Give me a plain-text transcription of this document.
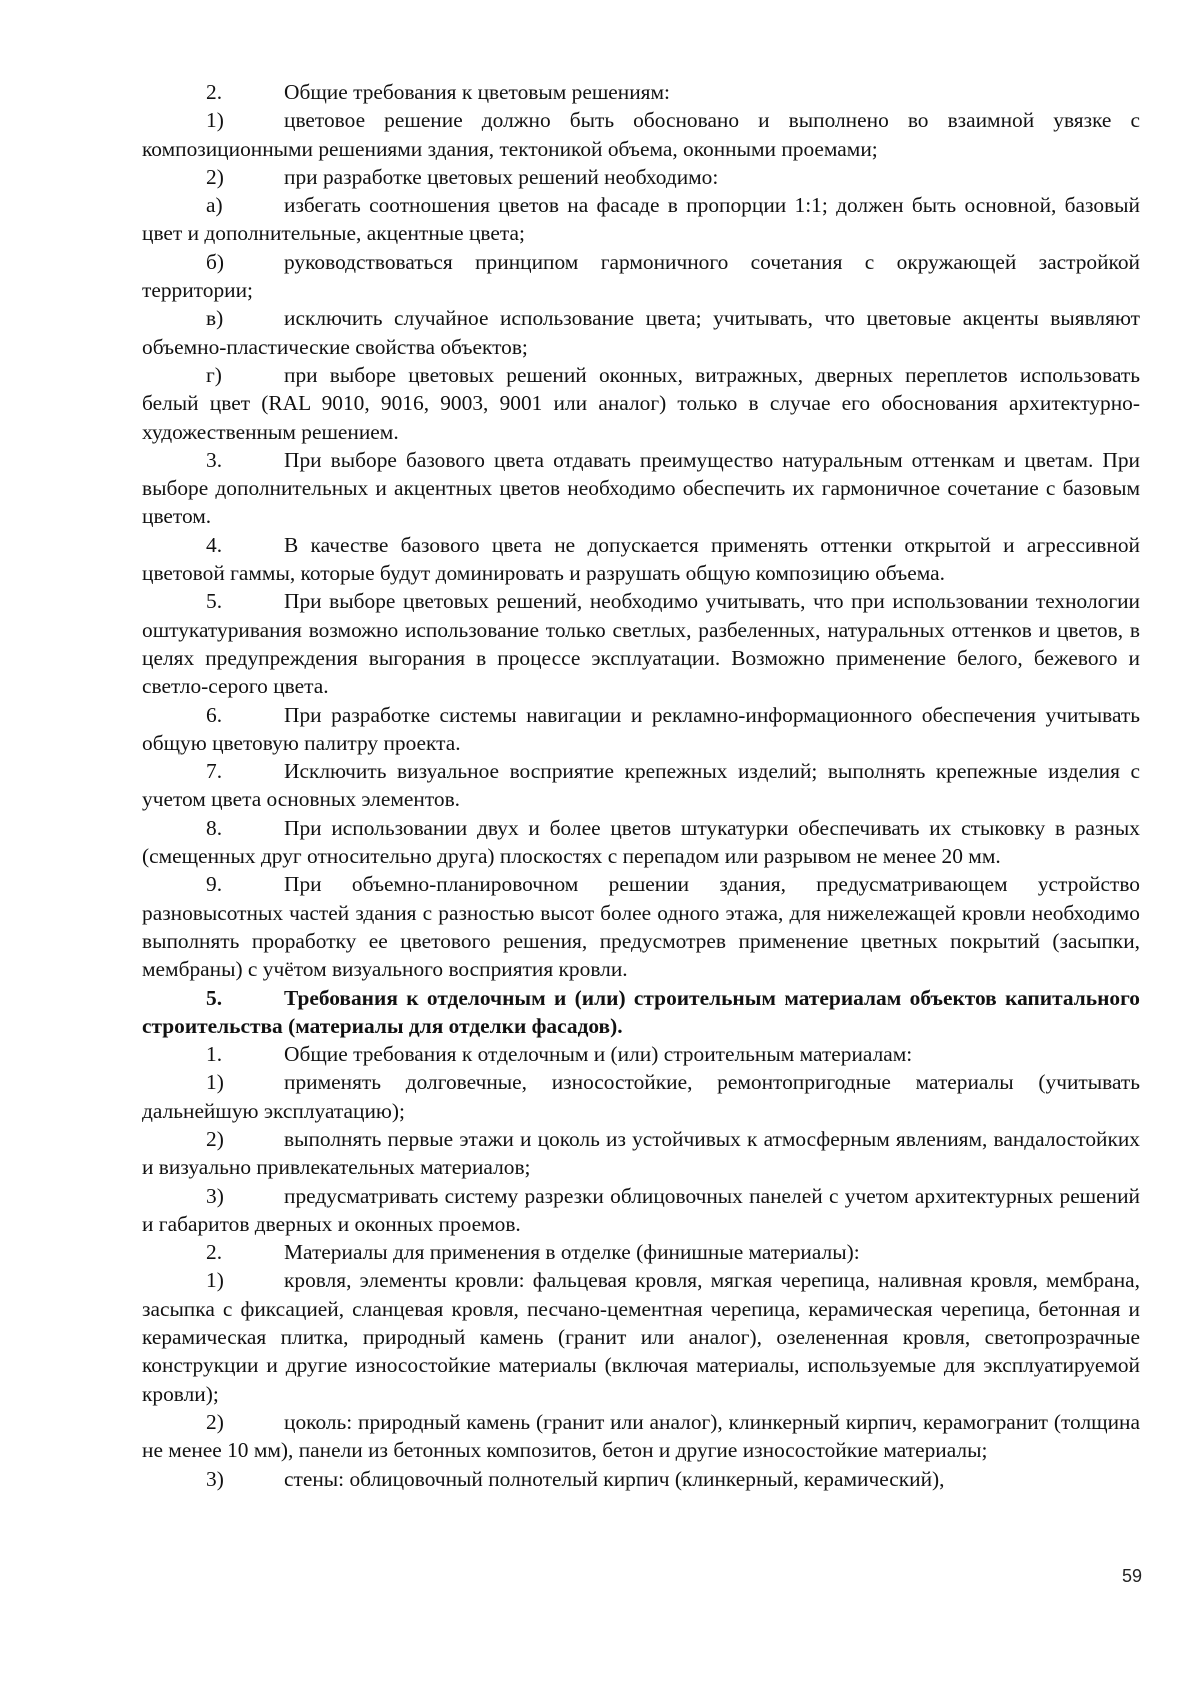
2.	Общие требования к цветовым решениям:

1)	цветовое решение должно быть обосновано и выполнено во взаимной увязке с композиционными решениями здания, тектоникой объема, оконными проемами;

2)	при разработке цветовых решений необходимо:

а)	избегать соотношения цветов на фасаде в пропорции 1:1; должен быть основной, базовый цвет и дополнительные, акцентные цвета;

б)	руководствоваться принципом гармоничного сочетания с окружающей застройкой территории;

в)	исключить случайное использование цвета; учитывать, что цветовые акценты выявляют объемно-пластические свойства объектов;

г)	при выборе цветовых решений оконных, витражных, дверных переплетов использовать белый цвет (RAL 9010, 9016, 9003, 9001 или аналог) только в случае его обоснования архитектурно-художественным решением.

3.	При выборе базового цвета отдавать преимущество натуральным оттенкам и цветам. При выборе дополнительных и акцентных цветов необходимо обеспечить их гармоничное сочетание с базовым цветом.

4.	В качестве базового цвета не допускается применять оттенки открытой и агрессивной цветовой гаммы, которые будут доминировать и разрушать общую композицию объема.

5.	При выборе цветовых решений, необходимо учитывать, что при использовании технологии оштукатуривания возможно использование только светлых, разбеленных, натуральных оттенков и цветов, в целях предупреждения выгорания в процессе эксплуатации. Возможно применение белого, бежевого и светло-серого цвета.

6.	При разработке системы навигации и рекламно-информационного обеспечения учитывать общую цветовую палитру проекта.

7.	Исключить визуальное восприятие крепежных изделий; выполнять крепежные изделия с учетом цвета основных элементов.

8.	При использовании двух и более цветов штукатурки обеспечивать их стыковку в разных (смещенных друг относительно друга) плоскостях с перепадом или разрывом не менее 20 мм.

9.	При объемно-планировочном решении здания, предусматривающем устройство разновысотных частей здания с разностью высот более одного этажа, для нижележащей кровли необходимо выполнять проработку ее цветового решения, предусмотрев применение цветных покрытий (засыпки, мембраны) с учётом визуального восприятия кровли.

5.	Требования к отделочным и (или) строительным материалам объектов капитального строительства (материалы для отделки фасадов).

1.	Общие требования к отделочным и (или) строительным материалам:

1)	применять долговечные, износостойкие, ремонтопригодные материалы (учитывать дальнейшую эксплуатацию);

2)	выполнять первые этажи и цоколь из устойчивых к атмосферным явлениям, вандалостойких и визуально привлекательных материалов;

3)	предусматривать систему разрезки облицовочных панелей с учетом архитектурных решений и габаритов дверных и оконных проемов.

2.	Материалы для применения в отделке (финишные материалы):

1)	кровля, элементы кровли: фальцевая кровля, мягкая черепица, наливная кровля, мембрана, засыпка с фиксацией, сланцевая кровля, песчано-цементная черепица, керамическая черепица, бетонная и керамическая плитка, природный камень (гранит или аналог), озелененная кровля, светопрозрачные конструкции и другие износостойкие материалы (включая материалы, используемые для эксплуатируемой кровли);

2)	цоколь: природный камень (гранит или аналог), клинкерный кирпич, керамогранит (толщина не менее 10 мм), панели из бетонных композитов, бетон и другие износостойкие материалы;

3)	стены: облицовочный полнотелый кирпич (клинкерный, керамический),

59
